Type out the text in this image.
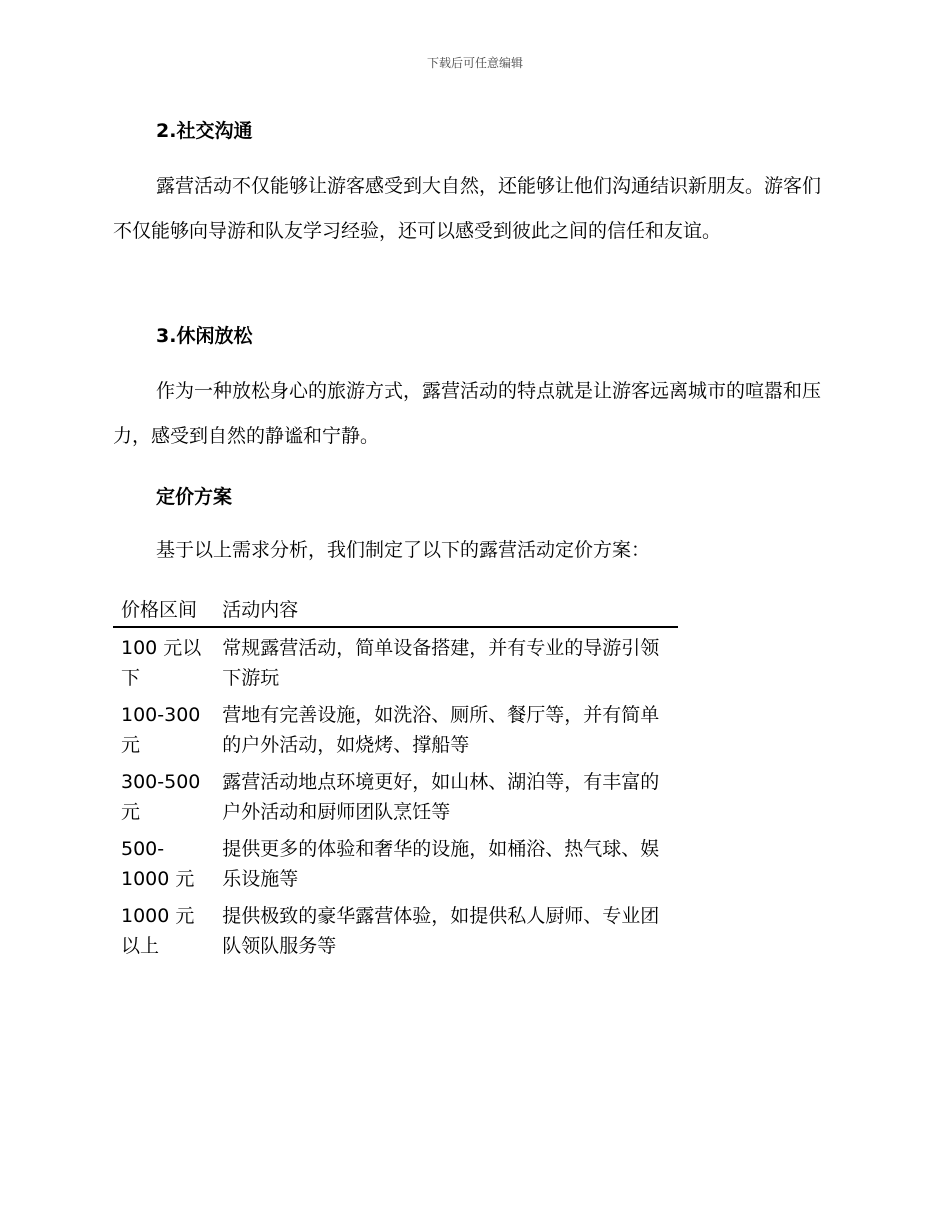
下载后可任意编辑
2.社交沟通

露营活动不仅能够让游客感受到大自然，还能够让他们沟通结识新朋友。游客们不仅能够向导游和队友学习经验，还可以感受到彼此之间的信任和友谊。

3.休闲放松

作为一种放松身心的旅游方式，露营活动的特点就是让游客远离城市的喧嚣和压力，感受到自然的静谧和宁静。

定价方案

基于以上需求分析，我们制定了以下的露营活动定价方案：

价格区间	活动内容
100 元以下	常规露营活动，简单设备搭建，并有专业的导游引领下游玩
100-300 元	营地有完善设施，如洗浴、厕所、餐厅等，并有简单的户外活动，如烧烤、撑船等
300-500 元	露营活动地点环境更好，如山林、湖泊等，有丰富的户外活动和厨师团队烹饪等
500-1000 元	提供更多的体验和奢华的设施，如桶浴、热气球、娱乐设施等
1000 元以上	提供极致的豪华露营体验，如提供私人厨师、专业团队领队服务等
